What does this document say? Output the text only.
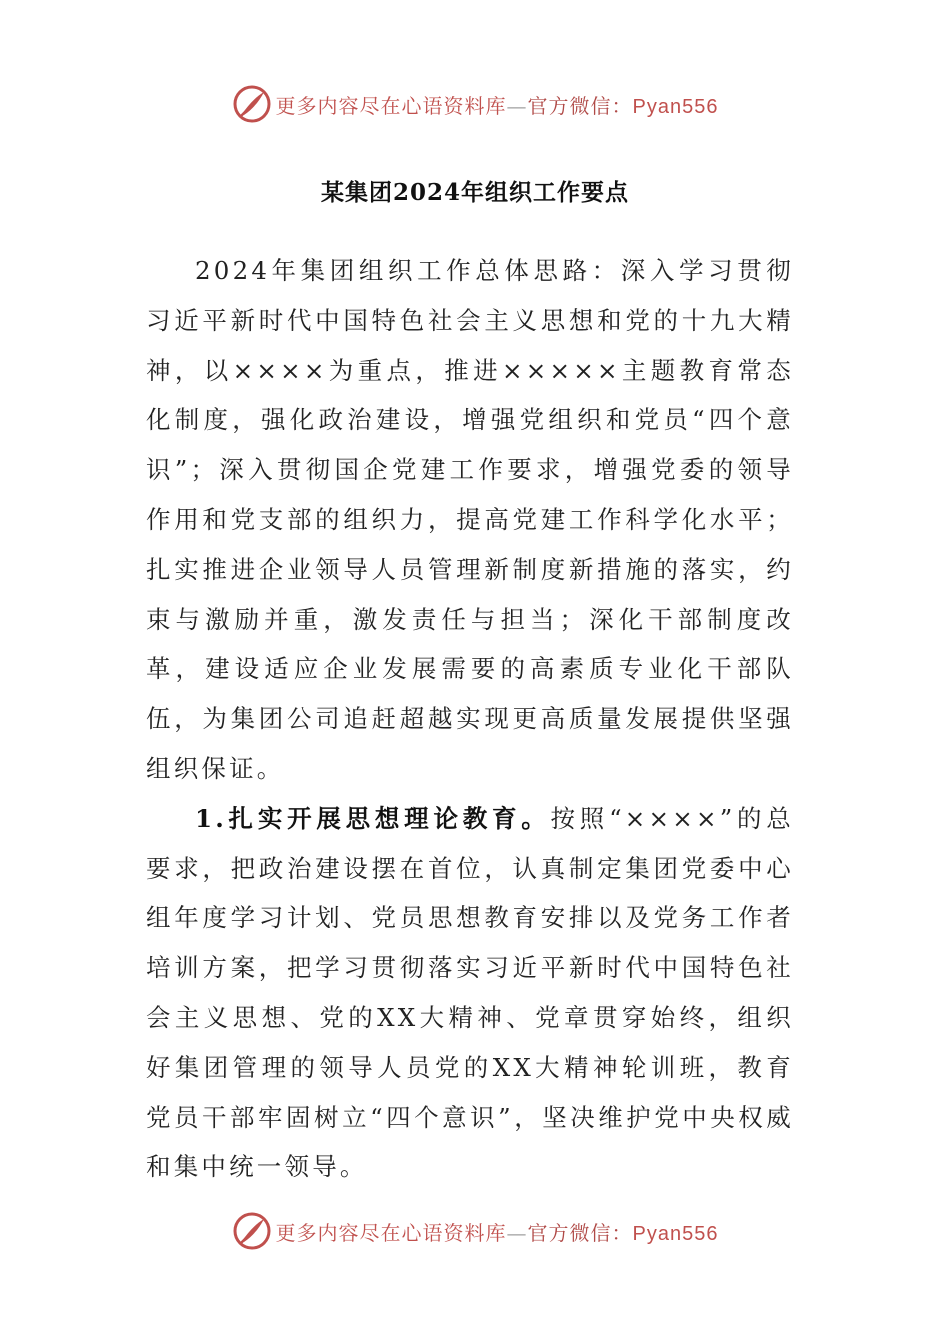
更多内容尽在心语资料库—官方微信：Pyan556
某集团2024年组织工作要点

2024年集团组织工作总体思路：深入学习贯彻习近平新时代中国特色社会主义思想和党的十九大精神，以××××为重点，推进×××××主题教育常态化制度，强化政治建设，增强党组织和党员“四个意识”；深入贯彻国企党建工作要求，增强党委的领导作用和党支部的组织力，提高党建工作科学化水平；扎实推进企业领导人员管理新制度新措施的落实，约束与激励并重，激发责任与担当；深化干部制度改革，建设适应企业发展需要的高素质专业化干部队伍，为集团公司追赶超越实现更高质量发展提供坚强组织保证。

1.扎实开展思想理论教育。按照“××××”的总要求，把政治建设摆在首位，认真制定集团党委中心组年度学习计划、党员思想教育安排以及党务工作者培训方案，把学习贯彻落实习近平新时代中国特色社会主义思想、党的XX大精神、党章贯穿始终，组织好集团管理的领导人员党的XX大精神轮训班，教育党员干部牢固树立“四个意识”，坚决维护党中央权威和集中统一领导。

更多内容尽在心语资料库—官方微信：Pyan556
